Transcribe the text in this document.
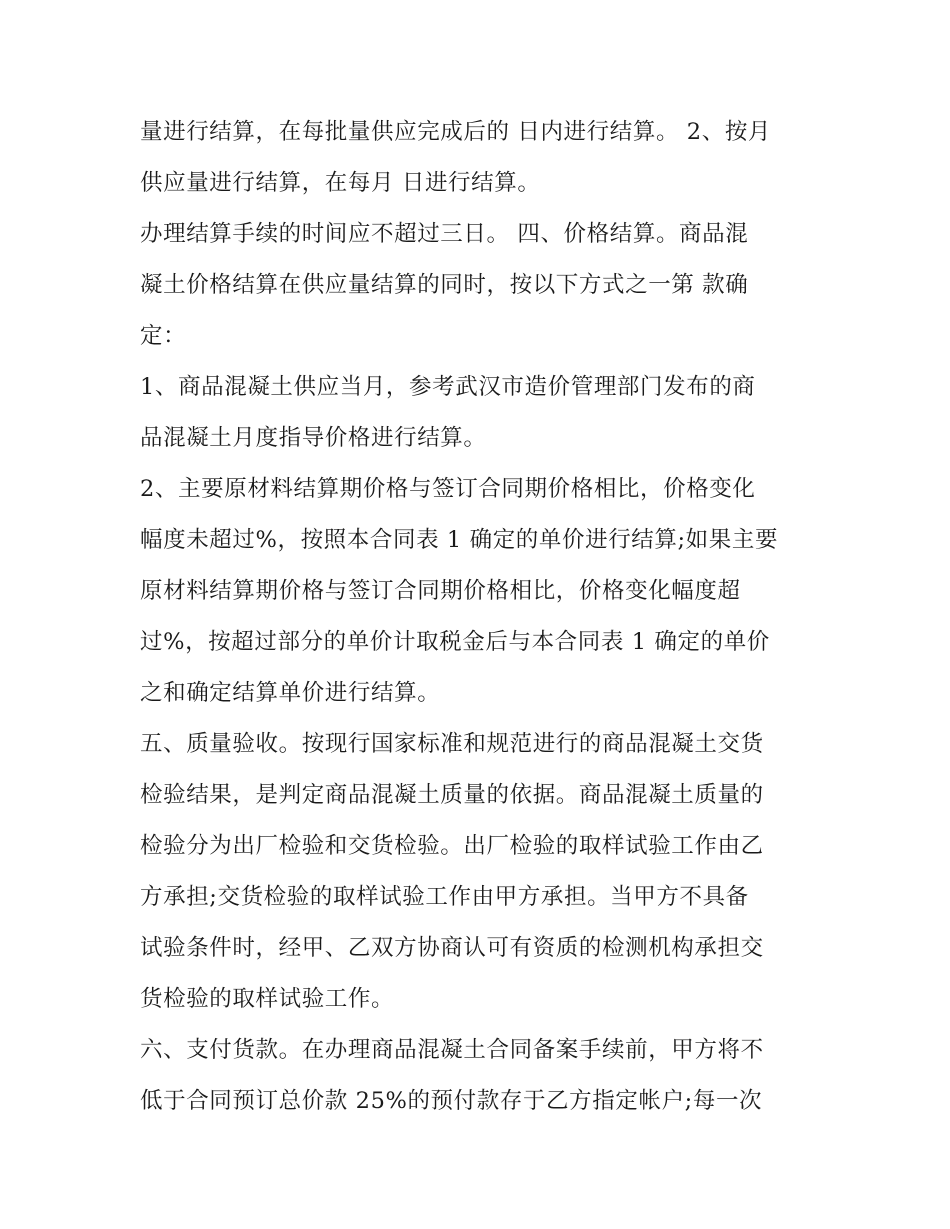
量进行结算，在每批量供应完成后的 日内进行结算。 2、按月
供应量进行结算，在每月 日进行结算。
办理结算手续的时间应不超过三日。 四、价格结算。商品混
凝土价格结算在供应量结算的同时，按以下方式之一第 款确
定：
1、商品混凝土供应当月，参考武汉市造价管理部门发布的商
品混凝土月度指导价格进行结算。
2、主要原材料结算期价格与签订合同期价格相比，价格变化
幅度未超过%，按照本合同表 1 确定的单价进行结算;如果主要
原材料结算期价格与签订合同期价格相比，价格变化幅度超
过%，按超过部分的单价计取税金后与本合同表 1 确定的单价
之和确定结算单价进行结算。
五、质量验收。按现行国家标准和规范进行的商品混凝土交货
检验结果，是判定商品混凝土质量的依据。商品混凝土质量的
检验分为出厂检验和交货检验。出厂检验的取样试验工作由乙
方承担;交货检验的取样试验工作由甲方承担。当甲方不具备
试验条件时，经甲、乙双方协商认可有资质的检测机构承担交
货检验的取样试验工作。
六、支付货款。在办理商品混凝土合同备案手续前，甲方将不
低于合同预订总价款 25%的预付款存于乙方指定帐户;每一次
